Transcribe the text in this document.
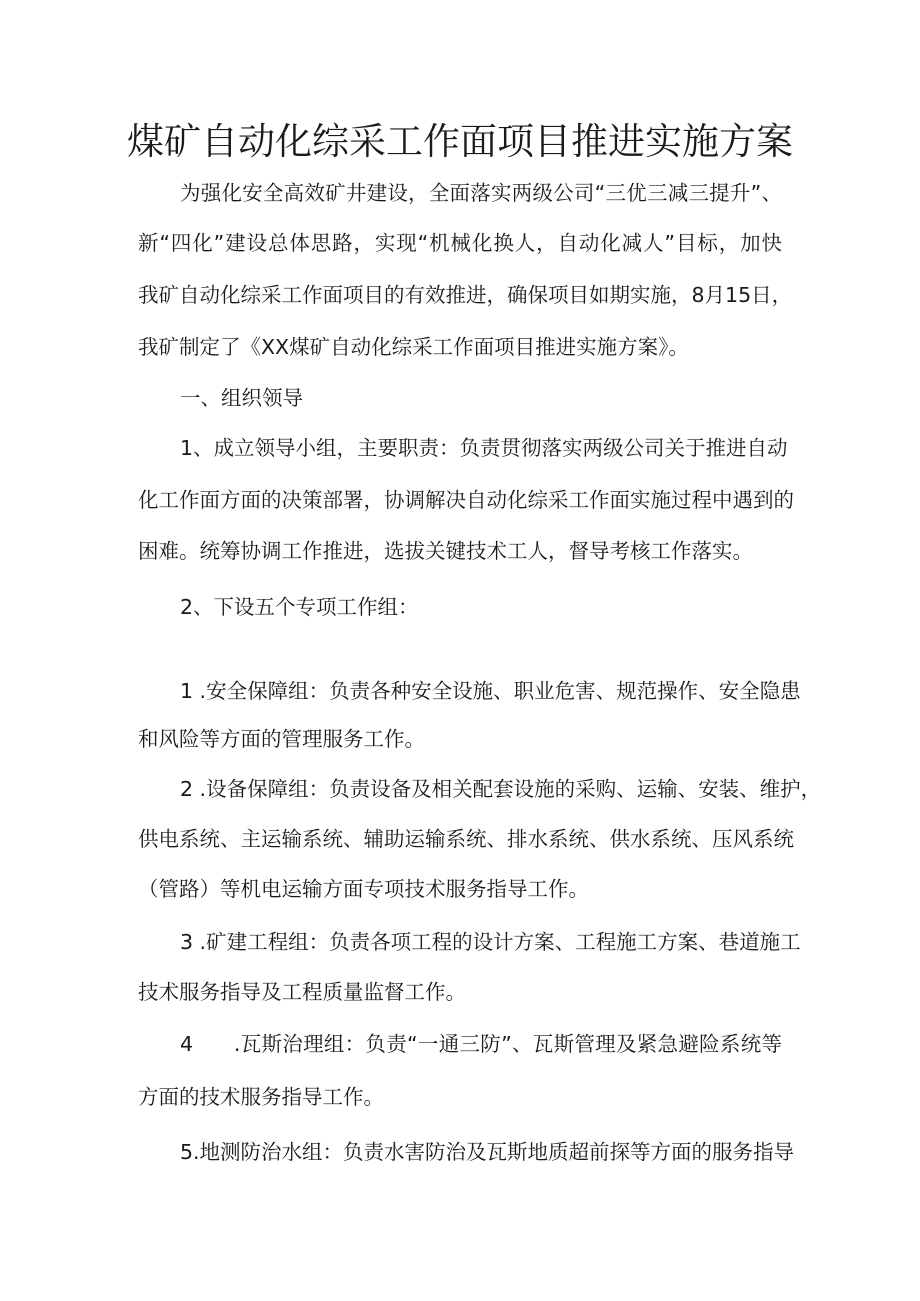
煤矿自动化综采工作面项目推进实施方案
为强化安全高效矿井建设，全面落实两级公司“三优三减三提升”、
新“四化”建设总体思路，实现“机械化换人，自动化减人”目标，加快
我矿自动化综采工作面项目的有效推进，确保项目如期实施，8月15日，
我矿制定了《XX煤矿自动化综采工作面项目推进实施方案》。
一、组织领导
1、成立领导小组，主要职责：负责贯彻落实两级公司关于推进自动
化工作面方面的决策部署，协调解决自动化综采工作面实施过程中遇到的
困难。统筹协调工作推进，选拔关键技术工人，督导考核工作落实。
2、下设五个专项工作组：
1 .安全保障组：负责各种安全设施、职业危害、规范操作、安全隐患
和风险等方面的管理服务工作。
2 .设备保障组：负责设备及相关配套设施的采购、运输、安装、维护，
供电系统、主运输系统、辅助运输系统、排水系统、供水系统、压风系统
（管路）等机电运输方面专项技术服务指导工作。
3 .矿建工程组：负责各项工程的设计方案、工程施工方案、巷道施工
技术服务指导及工程质量监督工作。
4      .瓦斯治理组：负责“一通三防”、瓦斯管理及紧急避险系统等
方面的技术服务指导工作。
5.地测防治水组：负责水害防治及瓦斯地质超前探等方面的服务指导
